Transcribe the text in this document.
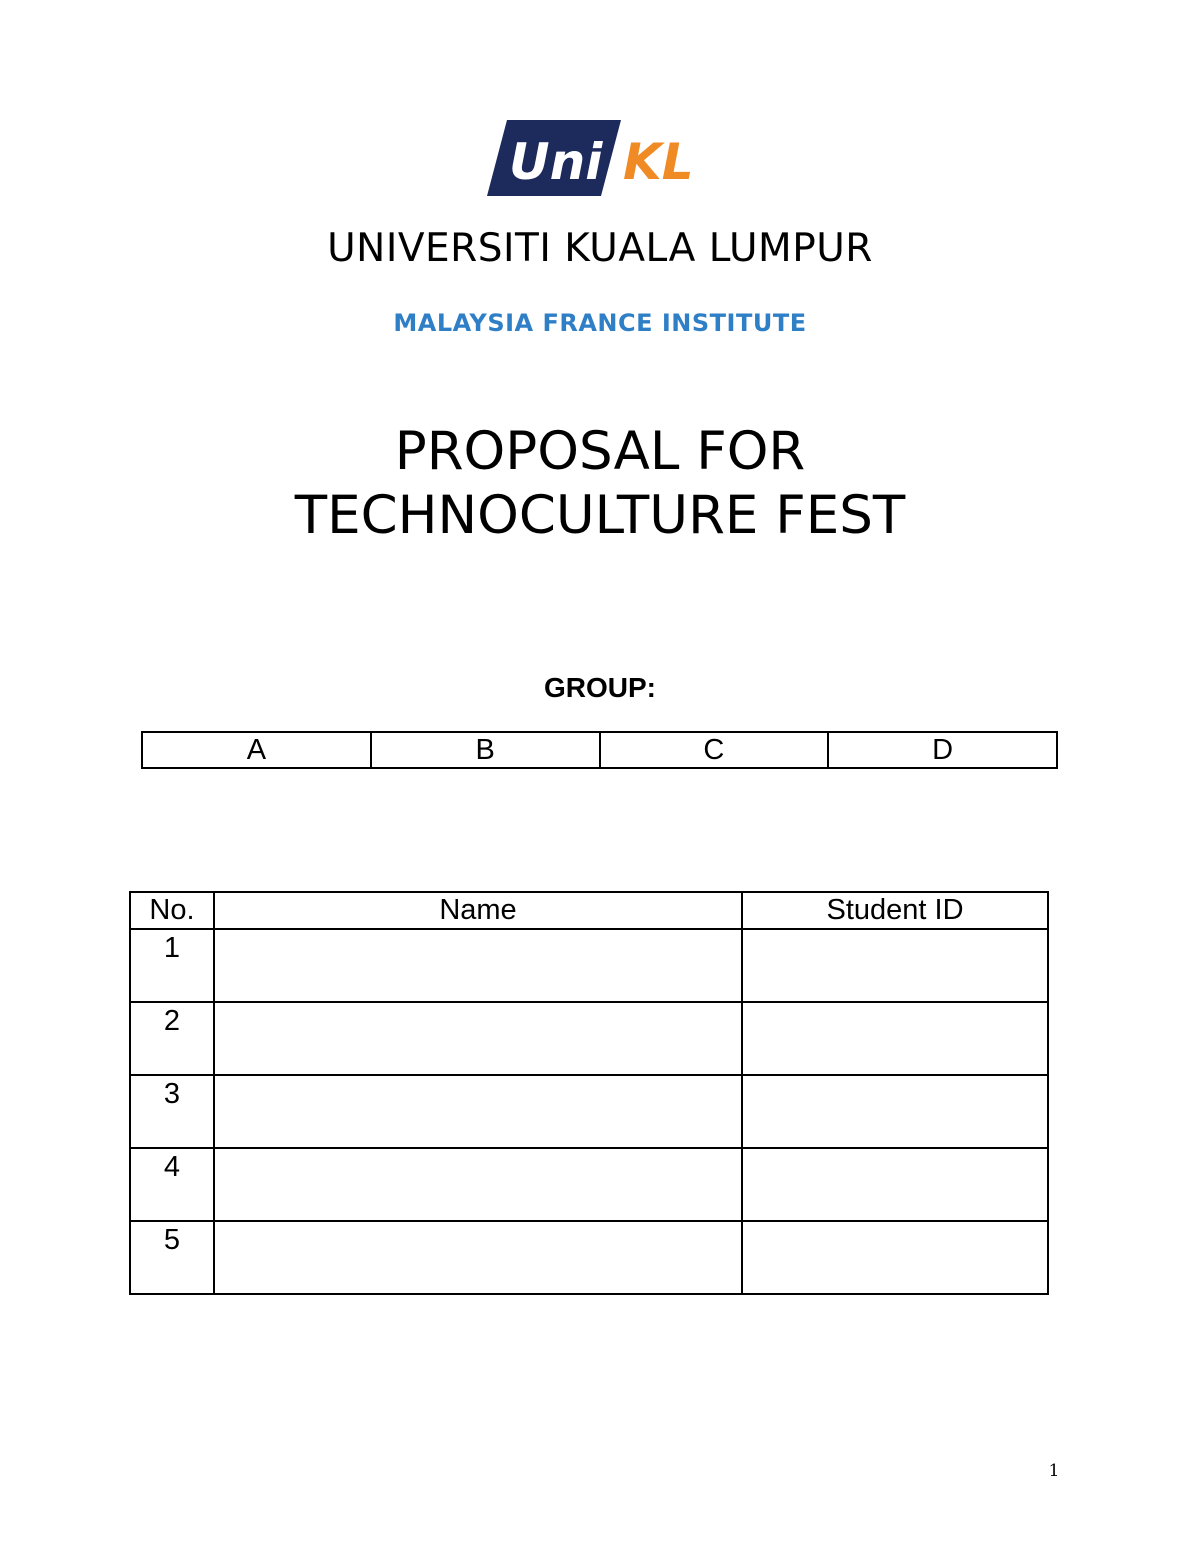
Uni KL
UNIVERSITI KUALA LUMPUR
MALAYSIA FRANCE INSTITUTE
PROPOSAL FOR
TECHNOCULTURE FEST
GROUP:
A	B	C	D
No.	Name	Student ID
1		
2		
3		
4		
5		
1
